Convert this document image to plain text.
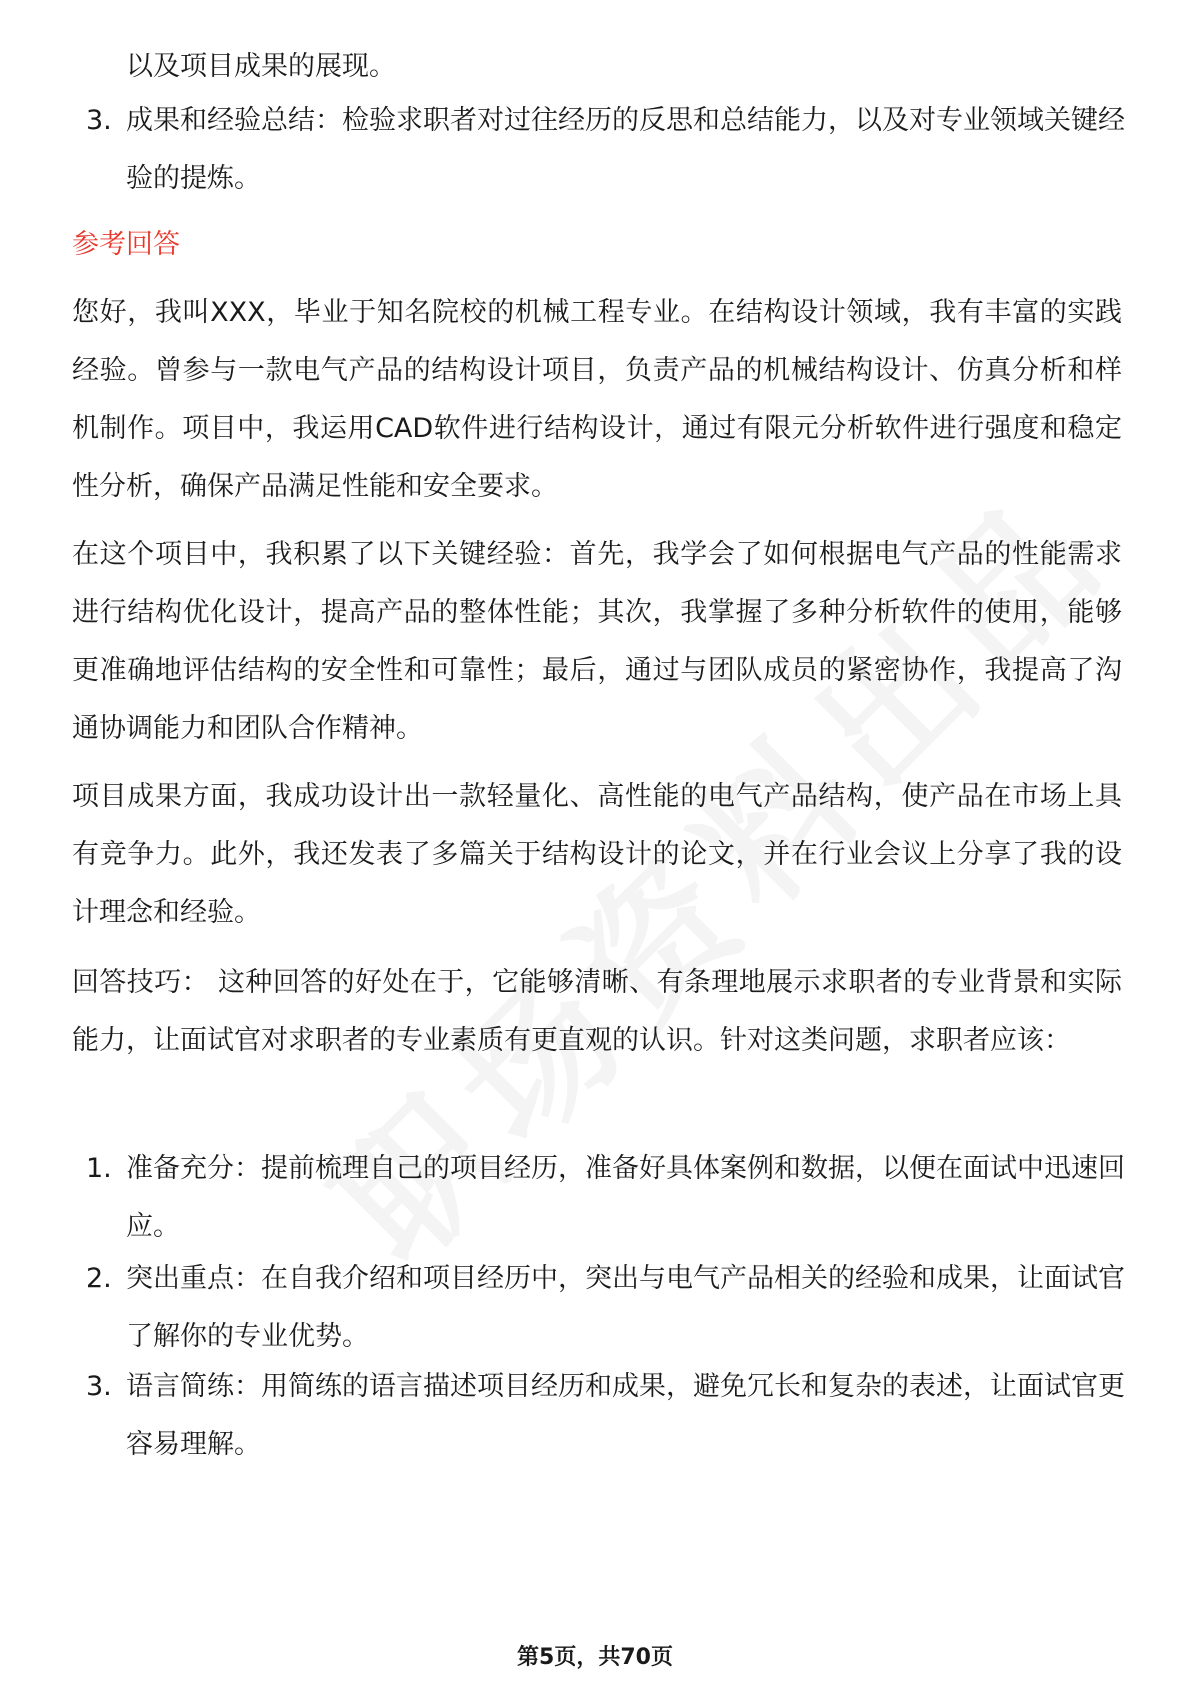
以及项目成果的展现。
3. 成果和经验总结：检验求职者对过往经历的反思和总结能力，以及对专业领域关键经验的提炼。
参考回答
您好，我叫XXX，毕业于知名院校的机械工程专业。在结构设计领域，我有丰富的实践经验。曾参与一款电气产品的结构设计项目，负责产品的机械结构设计、仿真分析和样机制作。项目中，我运用CAD软件进行结构设计，通过有限元分析软件进行强度和稳定性分析，确保产品满足性能和安全要求。
在这个项目中，我积累了以下关键经验：首先，我学会了如何根据电气产品的性能需求进行结构优化设计，提高产品的整体性能；其次，我掌握了多种分析软件的使用，能够更准确地评估结构的安全性和可靠性；最后，通过与团队成员的紧密协作，我提高了沟通协调能力和团队合作精神。
项目成果方面，我成功设计出一款轻量化、高性能的电气产品结构，使产品在市场上具有竞争力。此外，我还发表了多篇关于结构设计的论文，并在行业会议上分享了我的设计理念和经验。
回答技巧： 这种回答的好处在于，它能够清晰、有条理地展示求职者的专业背景和实际能力，让面试官对求职者的专业素质有更直观的认识。针对这类问题，求职者应该：
1. 准备充分：提前梳理自己的项目经历，准备好具体案例和数据，以便在面试中迅速回应。
2. 突出重点：在自我介绍和项目经历中，突出与电气产品相关的经验和成果，让面试官了解你的专业优势。
3. 语言简练：用简练的语言描述项目经历和成果，避免冗长和复杂的表述，让面试官更容易理解。
第5页，共70页
